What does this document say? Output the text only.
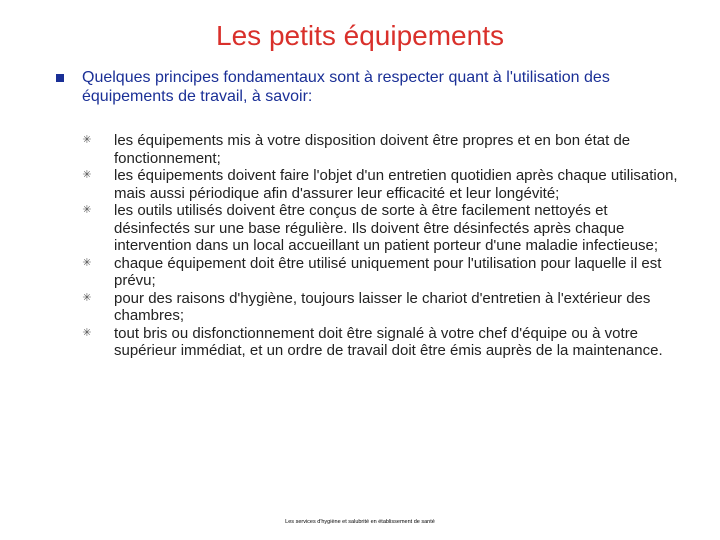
Les petits équipements
Quelques principes fondamentaux sont à respecter quant à l'utilisation des équipements de travail, à savoir:
✳ les équipements mis à votre disposition doivent être propres et en bon état de fonctionnement;
✳ les équipements doivent faire l'objet d'un entretien quotidien après chaque utilisation, mais aussi périodique afin d'assurer leur efficacité et leur longévité;
✳ les outils utilisés doivent être conçus de sorte à être facilement nettoyés et désinfectés sur une base régulière. Ils doivent être désinfectés après chaque intervention dans un local accueillant un patient porteur d'une maladie infectieuse;
✳ chaque équipement doit être utilisé uniquement pour l'utilisation pour laquelle il est prévu;
✳ pour des raisons d'hygiène, toujours laisser le chariot d'entretien à l'extérieur des chambres;
✳ tout bris ou disfonctionnement doit être signalé à votre chef d'équipe ou à votre supérieur immédiat, et un ordre de travail doit être émis auprès de la maintenance.
Les services d'hygiène et salubrité en établissement de santé
